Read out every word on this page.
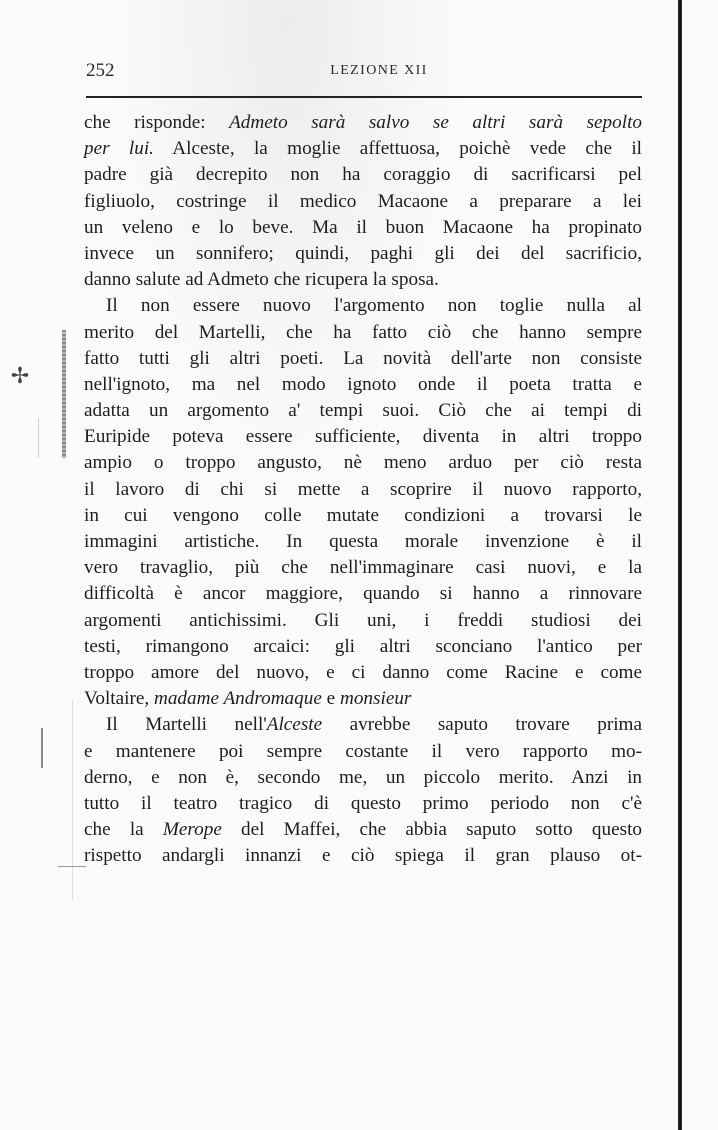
252	LEZIONE XII
✢
che risponde: Admeto sarà salvo se altri sarà sepolto
per lui. Alceste, la moglie affettuosa, poichè vede che il
padre già decrepito non ha coraggio di sacrificarsi pel
figliuolo, costringe il medico Macaone a preparare a lei
un veleno e lo beve. Ma il buon Macaone ha propinato
invece un sonnifero; quindi, paghi gli dei del sacrificio,
danno salute ad Admeto che ricupera la sposa.
Il non essere nuovo l'argomento non toglie nulla al
merito del Martelli, che ha fatto ciò che hanno sempre
fatto tutti gli altri poeti. La novità dell'arte non consiste
nell'ignoto, ma nel modo ignoto onde il poeta tratta e
adatta un argomento a' tempi suoi. Ciò che ai tempi di
Euripide poteva essere sufficiente, diventa in altri troppo
ampio o troppo angusto, nè meno arduo per ciò resta
il lavoro di chi si mette a scoprire il nuovo rapporto,
in cui vengono colle mutate condizioni a trovarsi le
immagini artistiche. In questa morale invenzione è il
vero travaglio, più che nell'immaginare casi nuovi, e la
difficoltà è ancor maggiore, quando si hanno a rinnovare
argomenti antichissimi. Gli uni, i freddi studiosi dei
testi, rimangono arcaici: gli altri sconciano l'antico per
troppo amore del nuovo, e ci danno come Racine e come
Voltaire, madame Andromaque e monsieur
Il Martelli nell'Alceste avrebbe saputo trovare prima
e mantenere poi sempre costante il vero rapporto mo-
derno, e non è, secondo me, un piccolo merito. Anzi in
tutto il teatro tragico di questo primo periodo non c'è
che la Merope del Maffei, che abbia saputo sotto questo
rispetto andargli innanzi e ciò spiega il gran plauso ot-
